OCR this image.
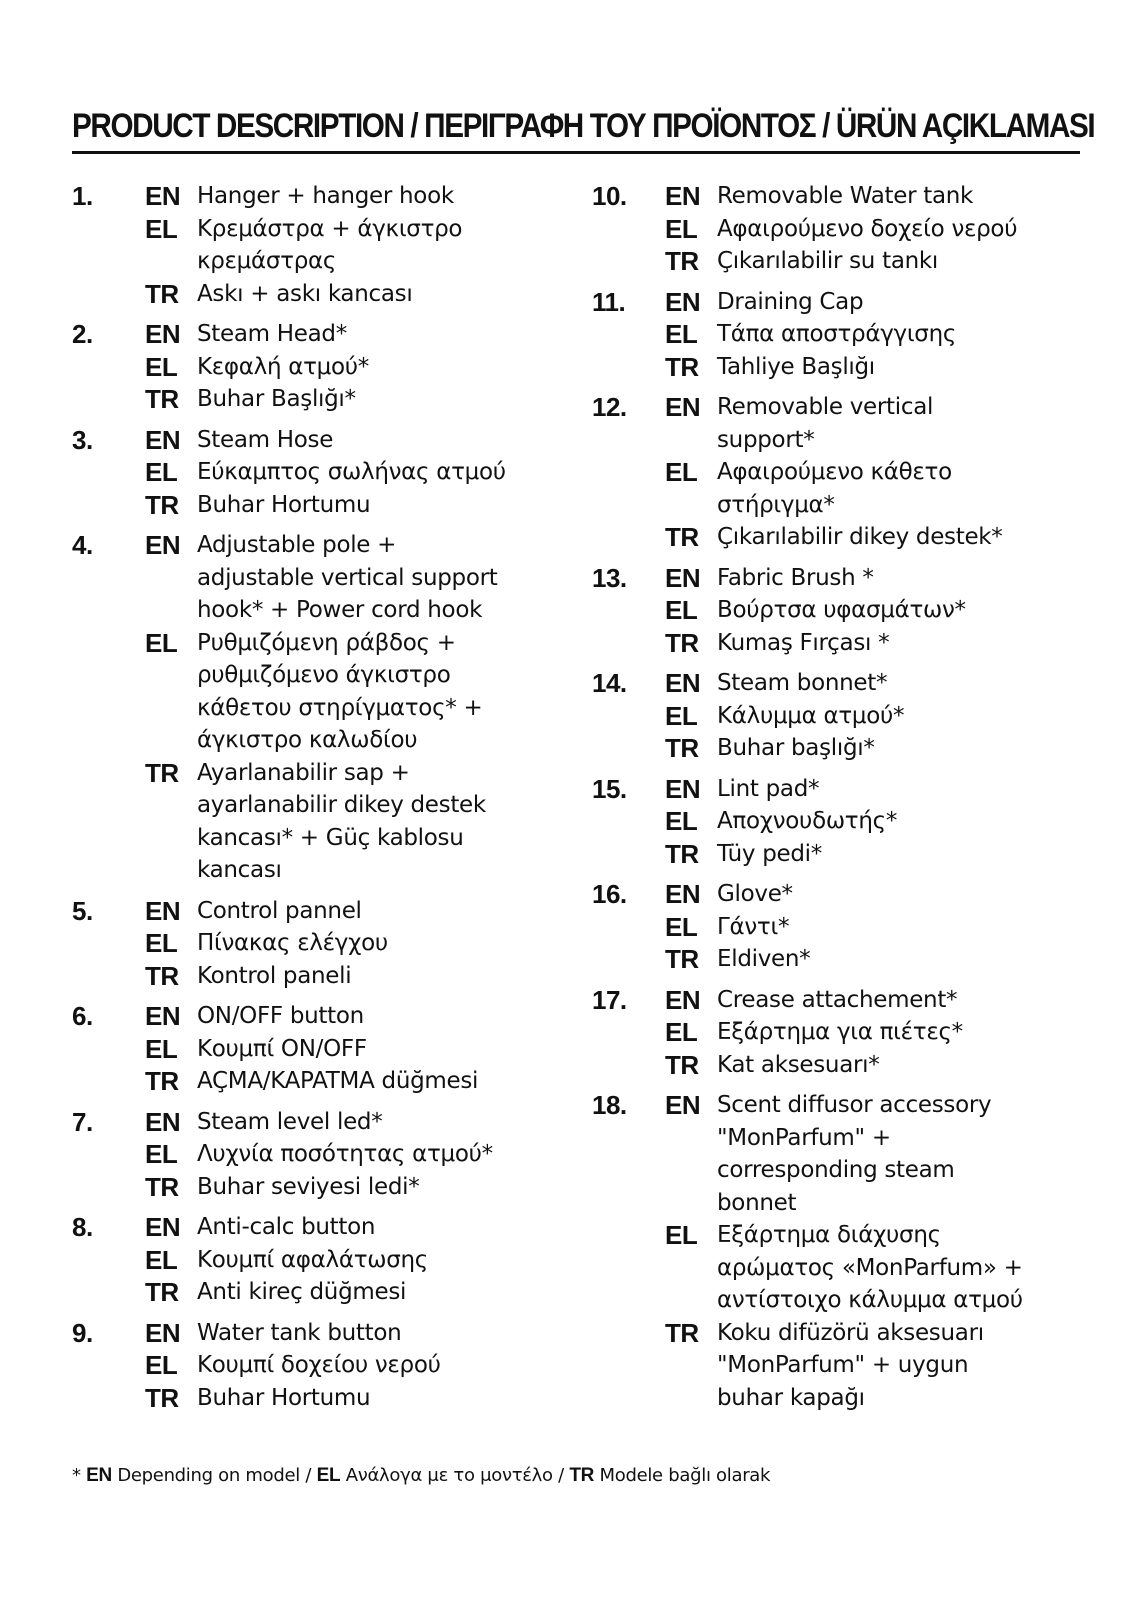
PRODUCT DESCRIPTION / ΠΕΡΙΓΡΑΦΗ ΤΟΥ ΠΡΟΪΟΝΤΟΣ / ÜRÜN AÇIKLAMASI
1. EN Hanger + hanger hook
EL Κρεμάστρα + άγκιστρο
κρεμάστρας
TR Askı + askı kancası
2. EN Steam Head*
EL Κεφαλή ατμού*
TR Buhar Başlığı*
3. EN Steam Hose
EL Εύκαμπτος σωλήνας ατμού
TR Buhar Hortumu
4. EN Adjustable pole +
adjustable vertical support
hook* + Power cord hook
EL Ρυθμιζόμενη ράβδος +
ρυθμιζόμενο άγκιστρο
κάθετου στηρίγματος* +
άγκιστρο καλωδίου
TR Ayarlanabilir sap +
ayarlanabilir dikey destek
kancası* + Güç kablosu
kancası
5. EN Control pannel
EL Πίνακας ελέγχου
TR Kontrol paneli
6. EN ON/OFF button
EL Κουμπί ON/OFF
TR AÇMA/KAPATMA düğmesi
7. EN Steam level led*
EL Λυχνία ποσότητας ατμού*
TR Buhar seviyesi ledi*
8. EN Anti-calc button
EL Κουμπί αφαλάτωσης
TR Anti kireç düğmesi
9. EN Water tank button
EL Κουμπί δοχείου νερού
TR Buhar Hortumu
10. EN Removable Water tank
EL Αφαιρούμενο δοχείο νερού
TR Çıkarılabilir su tankı
11. EN Draining Cap
EL Τάπα αποστράγγισης
TR Tahliye Başlığı
12. EN Removable vertical
support*
EL Αφαιρούμενο κάθετο
στήριγμα*
TR Çıkarılabilir dikey destek*
13. EN Fabric Brush *
EL Βούρτσα υφασμάτων*
TR Kumaş Fırçası *
14. EN Steam bonnet*
EL Κάλυμμα ατμού*
TR Buhar başlığı*
15. EN Lint pad*
EL Αποχνουδωτής*
TR Tüy pedi*
16. EN Glove*
EL Γάντι*
TR Eldiven*
17. EN Crease attachement*
EL Εξάρτημα για πιέτες*
TR Kat aksesuarı*
18. EN Scent diffusor accessory
"MonParfum" +
corresponding steam
bonnet
EL Εξάρτημα διάχυσης
αρώματος «MonParfum» +
αντίστοιχο κάλυμμα ατμού
TR Koku difüzörü aksesuarı
"MonParfum" + uygun
buhar kapağı
* EN Depending on model / EL Ανάλογα με το μοντέλο / TR Modele bağlı olarak
